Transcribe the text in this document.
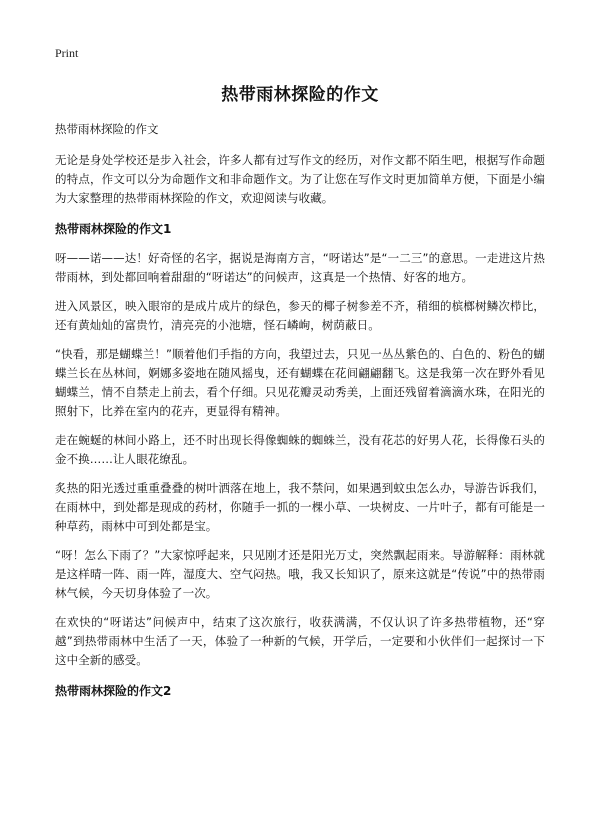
Print
热带雨林探险的作文
热带雨林探险的作文

无论是身处学校还是步入社会，许多人都有过写作文的经历，对作文都不陌生吧，根据写作命题的特点，作文可以分为命题作文和非命题作文。为了让您在写作文时更加简单方便，下面是小编为大家整理的热带雨林探险的作文，欢迎阅读与收藏。

热带雨林探险的作文1

呀——诺——达！好奇怪的名字，据说是海南方言，“呀诺达”是“一二三”的意思。一走进这片热带雨林，到处都回响着甜甜的“呀诺达”的问候声，这真是一个热情、好客的地方。

进入风景区，映入眼帘的是成片成片的绿色，参天的椰子树参差不齐，稍细的槟榔树鳞次栉比，还有黄灿灿的富贵竹，清亮亮的小池塘，怪石嶙峋，树荫蔽日。

“快看，那是蝴蝶兰！”顺着他们手指的方向，我望过去，只见一丛丛紫色的、白色的、粉色的蝴蝶兰长在丛林间，婀娜多姿地在随风摇曳，还有蝴蝶在花间翩翩翻飞。这是我第一次在野外看见蝴蝶兰，情不自禁走上前去，看个仔细。只见花瓣灵动秀美，上面还残留着滴滴水珠，在阳光的照射下，比养在室内的花卉，更显得有精神。

走在蜿蜒的林间小路上，还不时出现长得像蜘蛛的蜘蛛兰，没有花芯的好男人花，长得像石头的金不换……让人眼花缭乱。

炙热的阳光透过重重叠叠的树叶洒落在地上，我不禁问，如果遇到蚊虫怎么办，导游告诉我们，在雨林中，到处都是现成的药材，你随手一抓的一棵小草、一块树皮、一片叶子，都有可能是一种草药，雨林中可到处都是宝。

“呀！怎么下雨了？”大家惊呼起来，只见刚才还是阳光万丈，突然飘起雨来。导游解释：雨林就是这样晴一阵、雨一阵，湿度大、空气闷热。哦，我又长知识了，原来这就是“传说”中的热带雨林气候，今天切身体验了一次。

在欢快的“呀诺达”问候声中，结束了这次旅行，收获满满，不仅认识了许多热带植物，还“穿越”到热带雨林中生活了一天，体验了一种新的气候，开学后，一定要和小伙伴们一起探讨一下这中全新的感受。

热带雨林探险的作文2
